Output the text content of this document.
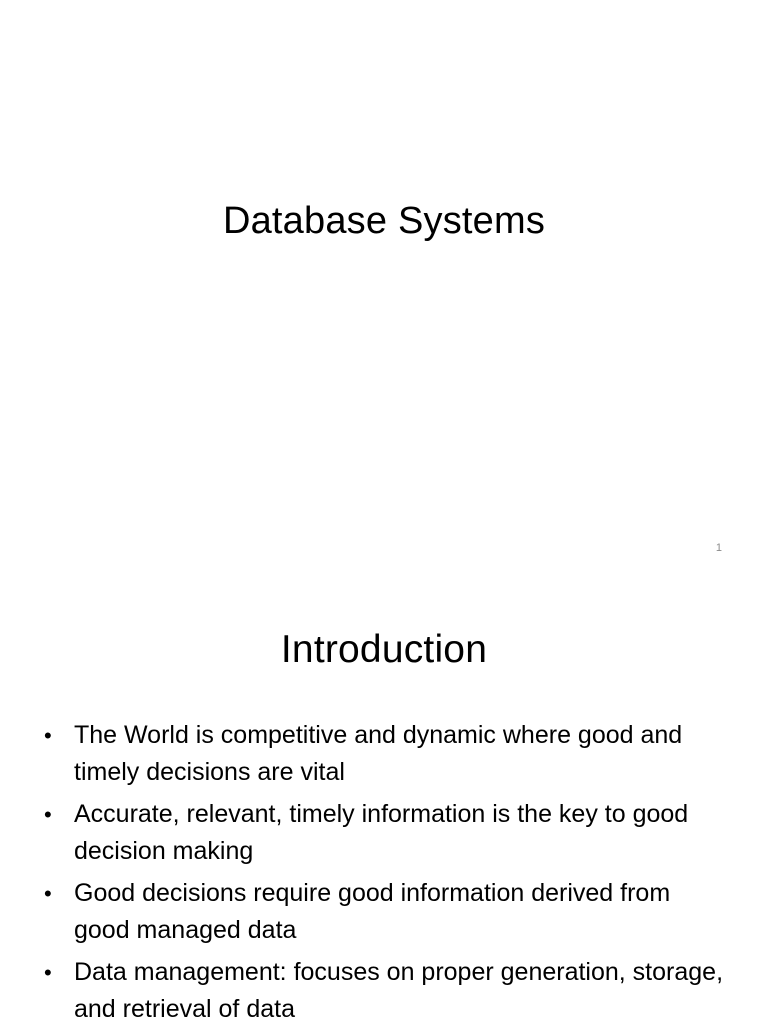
Database Systems
1
Introduction
• The World is competitive and dynamic where good and timely decisions are vital
• Accurate, relevant, timely information is the key to good decision making
• Good decisions require good information derived from good managed data
• Data management: focuses on proper generation, storage, and retrieval of data
